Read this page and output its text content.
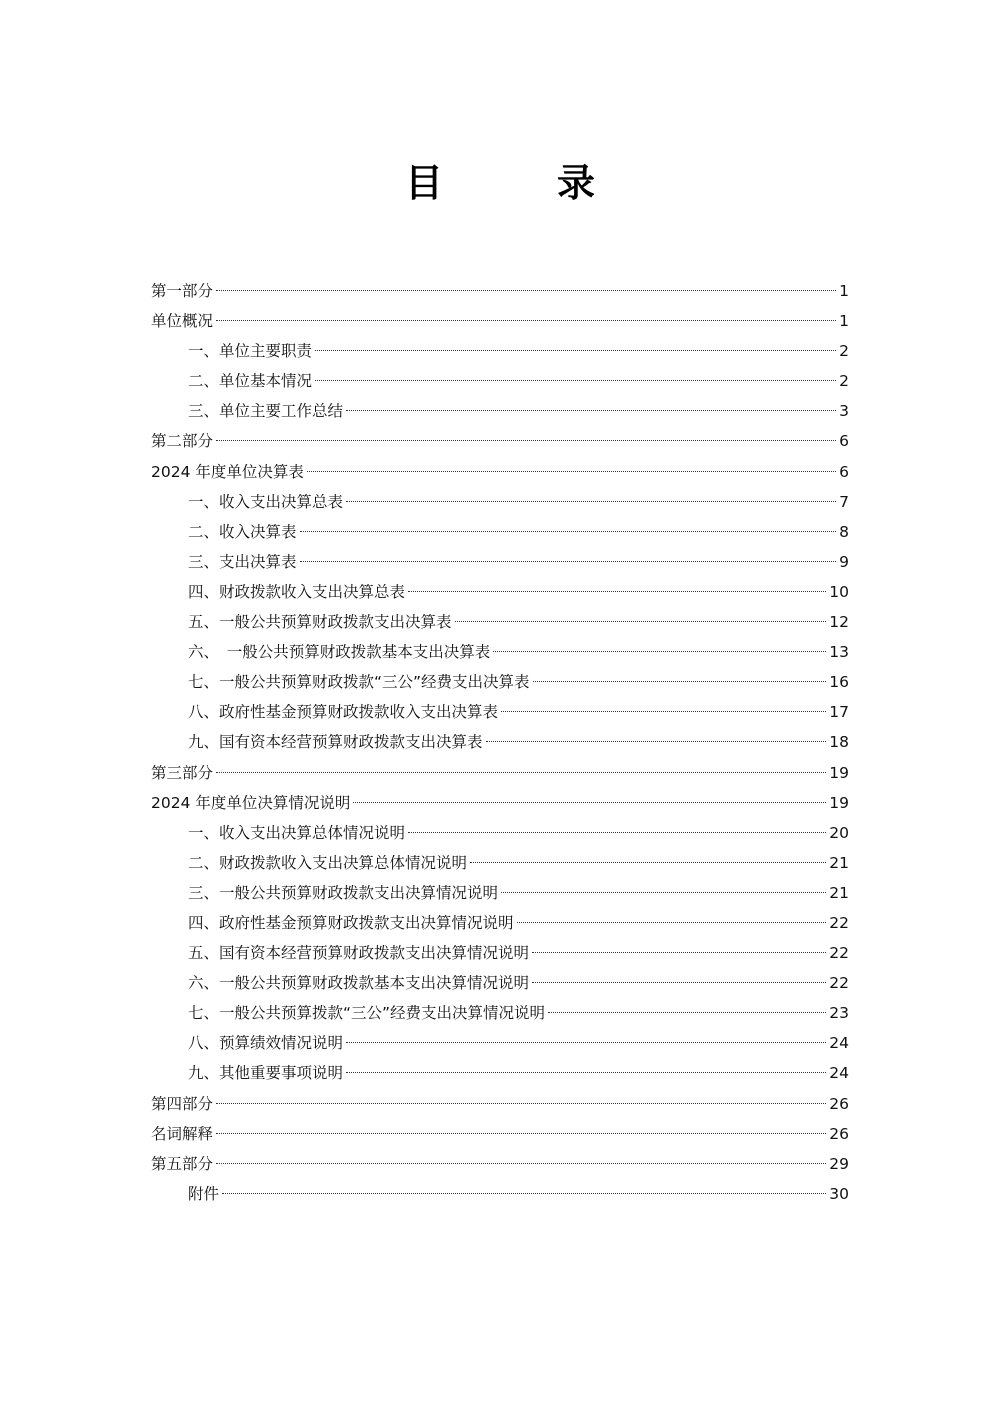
目　录
第一部分	1
单位概况	1
一、单位主要职责	2
二、单位基本情况	2
三、单位主要工作总结	3
第二部分	6
2024 年度单位决算表	6
一、收入支出决算总表	7
二、收入决算表	8
三、支出决算表	9
四、财政拨款收入支出决算总表	10
五、一般公共预算财政拨款支出决算表	12
六、　一般公共预算财政拨款基本支出决算表	13
七、一般公共预算财政拨款“三公”经费支出决算表	16
八、政府性基金预算财政拨款收入支出决算表	17
九、国有资本经营预算财政拨款支出决算表	18
第三部分	19
2024 年度单位决算情况说明	19
一、收入支出决算总体情况说明	20
二、财政拨款收入支出决算总体情况说明	21
三、一般公共预算财政拨款支出决算情况说明	21
四、政府性基金预算财政拨款支出决算情况说明	22
五、国有资本经营预算财政拨款支出决算情况说明	22
六、一般公共预算财政拨款基本支出决算情况说明	22
七、一般公共预算拨款“三公”经费支出决算情况说明	23
八、预算绩效情况说明	24
九、其他重要事项说明	24
第四部分	26
名词解释	26
第五部分	29
附件	30
